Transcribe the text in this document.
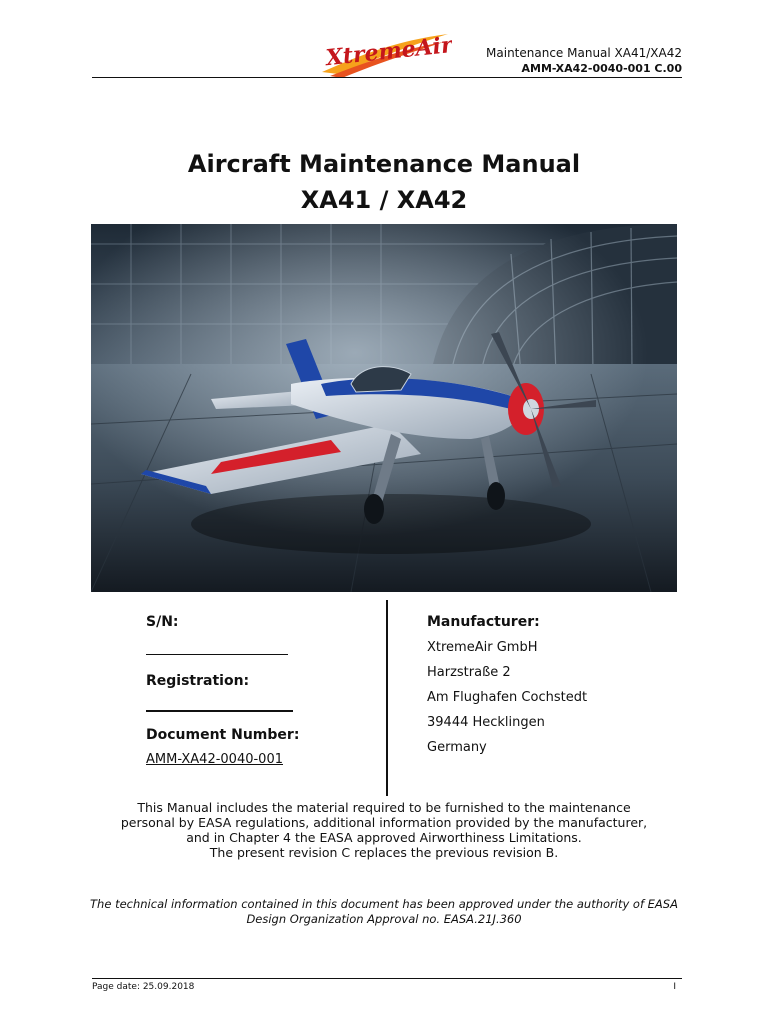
XtremeAir	Maintenance Manual XA41/XA42
AMM-XA42-0040-001 C.00
Aircraft Maintenance Manual
XA41 / XA42
S/N:
Registration:
Document Number:
AMM-XA42-0040-001
Manufacturer:
XtremeAir GmbH
Harzstraße 2
Am Flughafen Cochstedt
39444 Hecklingen
Germany
This Manual includes the material required to be furnished to the maintenance
personal by EASA regulations, additional information provided by the manufacturer,
and in Chapter 4 the EASA approved Airworthiness Limitations.
The present revision C replaces the previous revision B.
The technical information contained in this document has been approved under the authority of EASA
Design Organization Approval no. EASA.21J.360
Page date: 25.09.2018	I
